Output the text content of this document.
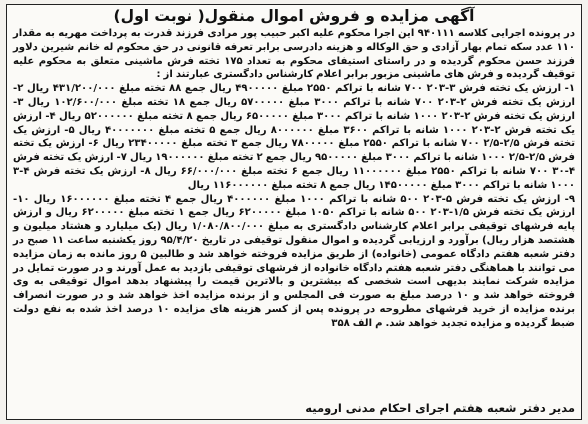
آگهی مزایده و فروش اموال منقول( نوبت اول)

در پرونده اجرایی کلاسه ۹۴۰۱۱۱ این اجرا محکوم علیه اکبر حبیب پور مرادی فرزند قدرت به پرداخت مهریه به مقدار ۱۱۰ عدد سکه تمام بهار آزادی و حق الوکاله و هزینه دادرسی برابر تعرفه قانونی در حق محکوم له خانم شیرین دلاور فرزند حسن محکوم گردیده و در راستای استیفای محکوم به تعداد ۱۷۵ تخته فرش ماشینی متعلق به محکوم علیه توقیف گردیده و فرش های ماشینی مزبور برابر اعلام کارشناس دادگستری عبارتند از :

۱- ارزش یک تخته فرش ۳-۲۰۳ ۷۰۰ شانه با تراکم ۲۵۵۰ مبلغ ۴۹۰۰۰۰۰ ریال جمع ۸۸ تخته مبلغ ۴۳۱/۲۰۰/۰۰۰ ریال ۲- ارزش یک تخته فرش ۲-۲۰۳ ۷۰۰ شانه با تراکم ۳۰۰۰ مبلغ ۵۷۰۰۰۰۰ ریال جمع ۱۸ تخته مبلغ ۱۰۲/۶۰۰/۰۰۰ ریال ۳- ارزش یک تخته فرش ۲-۲۰۳ ۱۰۰۰ شانه با تراکم ۳۰۰۰ مبلغ ۶۵۰۰۰۰۰ ریال جمع ۸ تخته مبلغ ۵۲۰۰۰۰۰۰ ریال ۴- ارزش یک تخته فرش ۲-۲۰۳ ۱۰۰۰ شانه با تراکم ۳۶۰۰ مبلغ ۸۰۰۰۰۰۰ ریال جمع ۵ تخته مبلغ ۴۰۰۰۰۰۰۰ ریال ۵- ارزش یک تخته فرش ۲/۵-۲/۵ ۷۰۰ شانه با تراکم ۲۵۵۰ مبلغ ۷۸۰۰۰۰۰ ریال جمع ۳ تخته مبلغ ۲۳۴۰۰۰۰۰ ریال ۶- ارزش یک تخته فرش ۲/۵-۲/۵ ۱۰۰۰ شانه با تراکم ۳۰۰۰ مبلغ ۹۵۰۰۰۰۰ ریال جمع ۲ تخته مبلغ ۱۹۰۰۰۰۰۰ ریال ۷- ارزش یک تخته فرش ۴-۳۰ ۷۰۰ شانه با تراکم ۲۵۵۰ مبلغ ۱۱۰۰۰۰۰۰ ریال جمع ۶ تخته مبلغ ۶۶/۰۰۰/۰۰۰ ریال ۸- ارزش یک تخته فرش ۴-۳ ۱۰۰۰ شانه با تراکم ۳۰۰۰ مبلغ ۱۴۵۰۰۰۰۰ ریال جمع ۸ تخته مبلغ ۱۱۶۰۰۰۰۰۰ ریال

۹- ارزش یک تخته فرش ۵-۲۰۳ ۵۰۰ شانه با تراکم ۱۰۰۰ مبلغ ۴۰۰۰۰۰۰ ریال جمع ۴ تخته مبلغ ۱۶۰۰۰۰۰۰ ریال ۱۰- ارزش یک تخته فرش ۱/۵-۲۰۳ ۵۰۰ شانه با تراکم ۱۰۵۰ مبلغ ۶۲۰۰۰۰۰ ریال جمع ۱ تخته مبلغ ۶۲۰۰۰۰۰ ریال و ارزش پایه فرشهای توقیفی برابر اعلام کارشناس دادگستری به مبلغ ۱/۰۸۰/۸۰۰/۰۰۰ ریال (یک میلیارد و هشتاد میلیون و هشتصد هزار ریال) برآورد و ارزیابی گردیده و اموال منقول توقیفی در تاریخ ۹۵/۴/۲۰ روز یکشنبه ساعت ۱۱ صبح در دفتر شعبه هفتم دادگاه عمومی (خانواده) از طریق مزایده فروخته خواهد شد و طالبین ۵ روز مانده به زمان مزایده می توانند با هماهنگی دفتر شعبه هفتم دادگاه خانواده از فرشهای توقیفی بازدید به عمل آورند و در صورت تمایل در مزایده شرکت نمایند بدیهی است شخصی که بیشترین و بالاترین قیمت را پیشنهاد بدهد اموال توقیفی به وی فروخته خواهد شد و ۱۰ درصد مبلغ به صورت فی المجلس و از برنده مزایده اخذ خواهد شد و در صورت انصراف برنده مزایده از خرید فرشهای مطروحه در پرونده پس از کسر هزینه های مزایده ۱۰ درصد اخذ شده به نفع دولت ضبط گردیده و مزایده تجدید خواهد شد. م الف ۳۵۸

مدیر دفتر شعبه هفتم اجرای احکام مدنی ارومیه
